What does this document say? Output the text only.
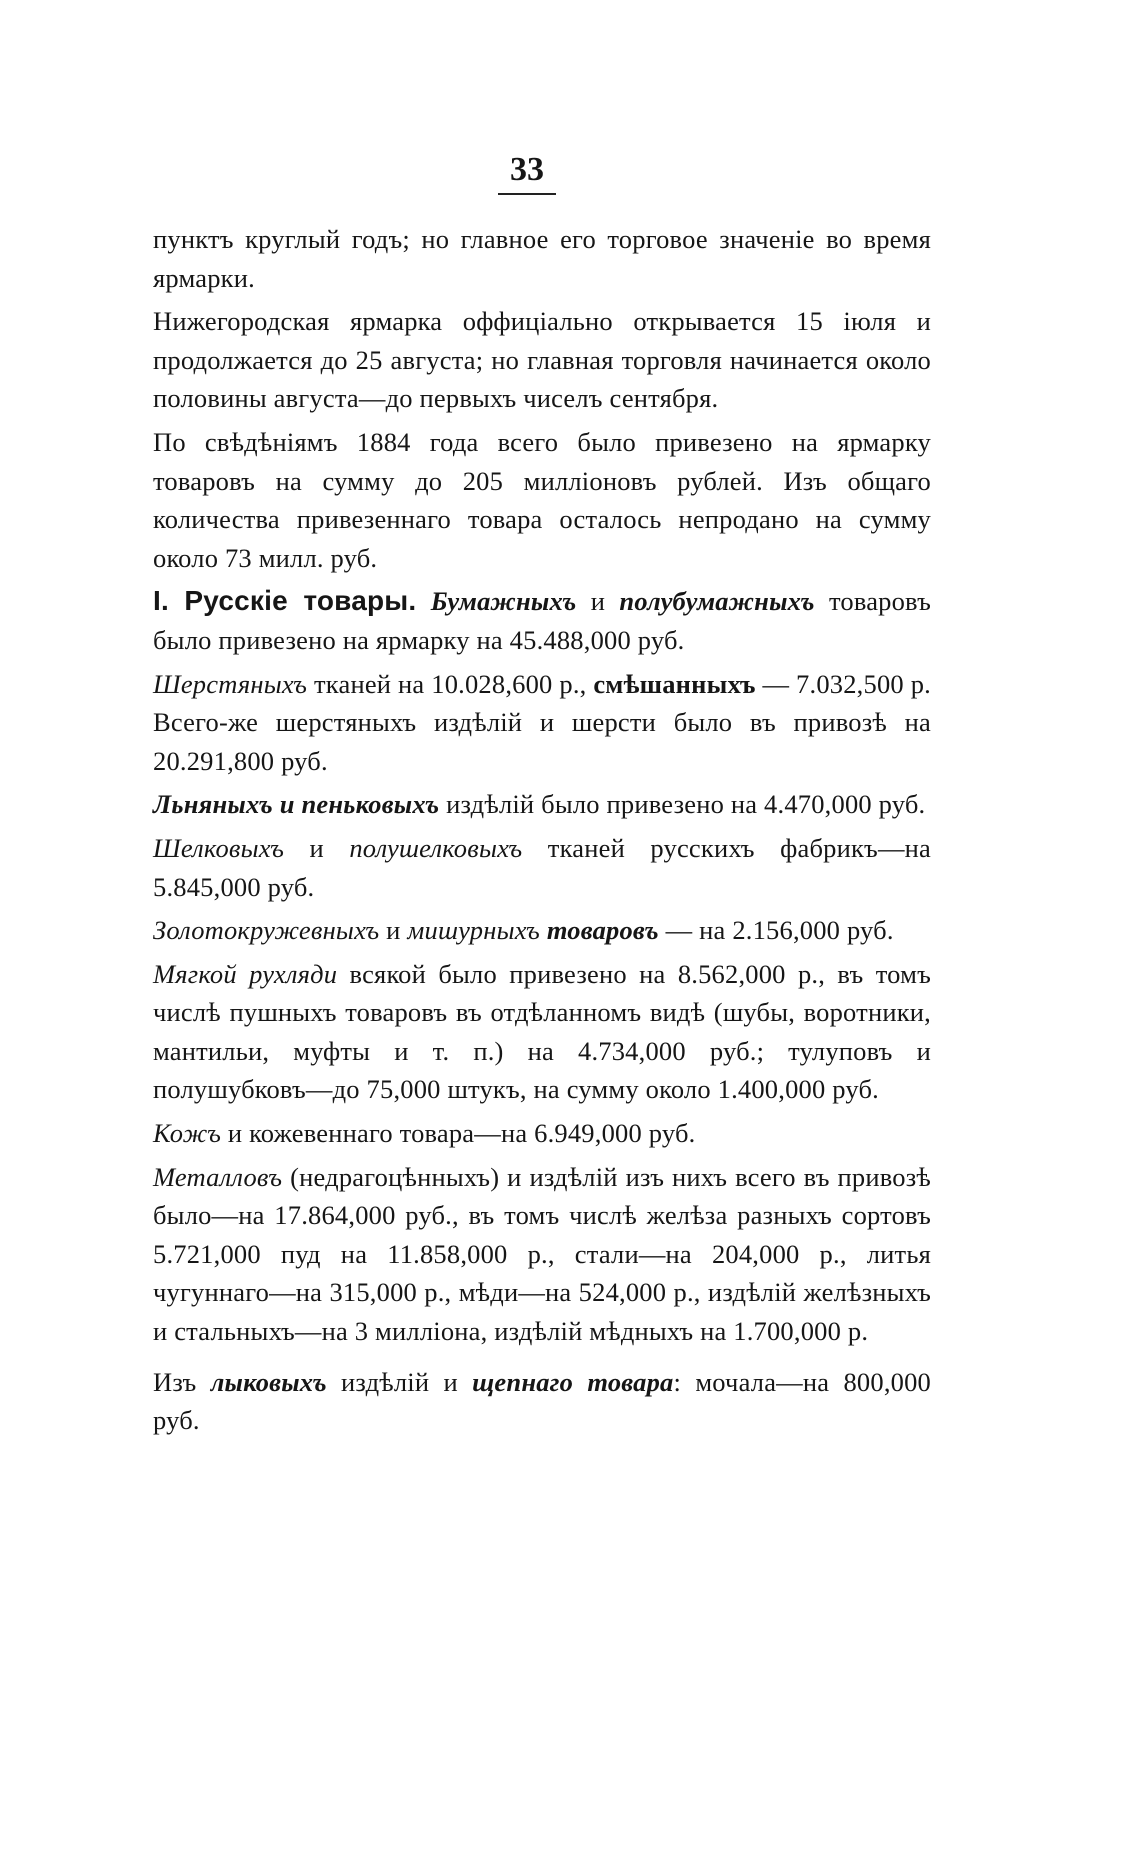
33

пунктъ круглый годъ; но главное его торговое значеніе во время ярмарки.

Нижегородская ярмарка оффиціально открывается 15 іюля и продолжается до 25 августа; но главная торговля начинается около половины августа—до первыхъ чиселъ сентября.

По свѣдѣніямъ 1884 года всего было привезено на ярмарку товаровъ на сумму до 205 милліоновъ рублей. Изъ общаго количества привезеннаго товара осталось непродано на сумму около 73 милл. руб.

I. Русскіе товары. Бумажныхъ и полубумажныхъ товаровъ было привезено на ярмарку на 45.488,000 руб.

Шерстяныхъ тканей на 10.028,600 р., смѣшанныхъ — 7.032,500 р. Всего-же шерстяныхъ издѣлій и шерсти было въ привозѣ на 20.291,800 руб.

Льняныхъ и пеньковыхъ издѣлій было привезено на 4.470,000 руб.

Шелковыхъ и полушелковыхъ тканей русскихъ фабрикъ—на 5.845,000 руб.

Золотокружевныхъ и мишурныхъ товаровъ — на 2.156,000 руб.

Мягкой рухляди всякой было привезено на 8.562,000 р., въ томъ числѣ пушныхъ товаровъ въ отдѣланномъ видѣ (шубы, воротники, мантильи, муфты и т. п.) на 4.734,000 руб.; тулуповъ и полушубковъ—до 75,000 штукъ, на сумму около 1.400,000 руб.

Кожъ и кожевеннаго товара—на 6.949,000 руб.

Металловъ (недрагоцѣнныхъ) и издѣлій изъ нихъ всего въ привозѣ было—на 17.864,000 руб., въ томъ числѣ желѣза разныхъ сортовъ 5.721,000 пуд на 11.858,000 р., стали—на 204,000 р., литья чугуннаго—на 315,000 р., мѣди—на 524,000 р., издѣлій желѣзныхъ и стальныхъ—на 3 милліона, издѣлій мѣдныхъ на 1.700,000 р.

Изъ лыковыхъ издѣлій и щепнаго товара: мочала—на 800,000 руб.
